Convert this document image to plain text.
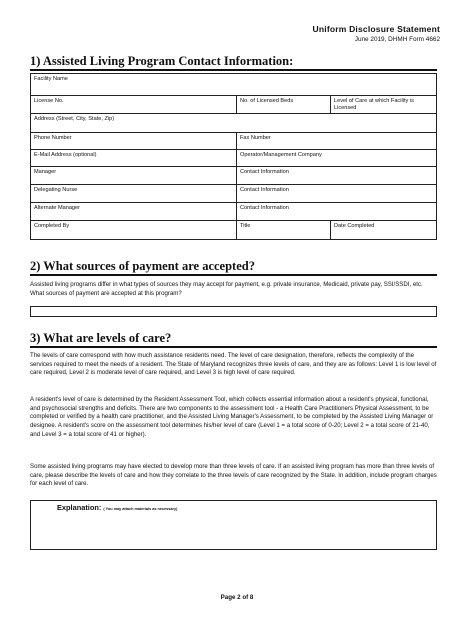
Uniform Disclosure Statement
June 2019, DHMH Form 4662
1) Assisted Living Program Contact Information:
Facility Name
License No.	No. of Licensed Beds	Level of Care at which Facility is Licensed
Address (Street, City, State, Zip)
Phone Number	Fax Number
E-Mail Address (optional)	Operator/Management Company
Manager	Contact Information
Delegating Nurse	Contact Information
Alternate Manager	Contact Information
Completed By	Title	Date Completed
2) What sources of payment are accepted?
Assisted living programs differ in what types of sources they may accept for payment, e.g. private insurance, Medicaid, private pay, SSI/SSDI, etc. What sources of payment are accepted at this program?
3) What are levels of care?
The levels of care correspond with how much assistance residents need. The level of care designation, therefore, reflects the complexity of the services required to meet the needs of a resident. The State of Maryland recognizes three levels of care, and they are as follows: Level 1 is low level of care required, Level 2 is moderate level of care required, and Level 3 is high level of care required.
A resident's level of care is determined by the Resident Assessment Tool, which collects essential information about a resident's physical, functional, and psychosocial strengths and deficits. There are two components to the assessment tool - a Health Care Practitioners Physical Assessment, to be completed or verified by a health care practitioner, and the Assisted Living Manager's Assessment, to be completed by the Assisted Living Manager or designee. A resident's score on the assessment tool determines his/her level of care (Level 1 = a total score of 0-20; Level 2 = a total score of 21-40, and Level 3 = a total score of 41 or higher).
Some assisted living programs may have elected to develop more than three levels of care. If an assisted living program has more than three levels of care, please describe the levels of care and how they correlate to the three levels of care recognized by the State. In addition, include program charges for each level of care.
Explanation: ( You may attach materials as necessary)
Page 2 of 8
